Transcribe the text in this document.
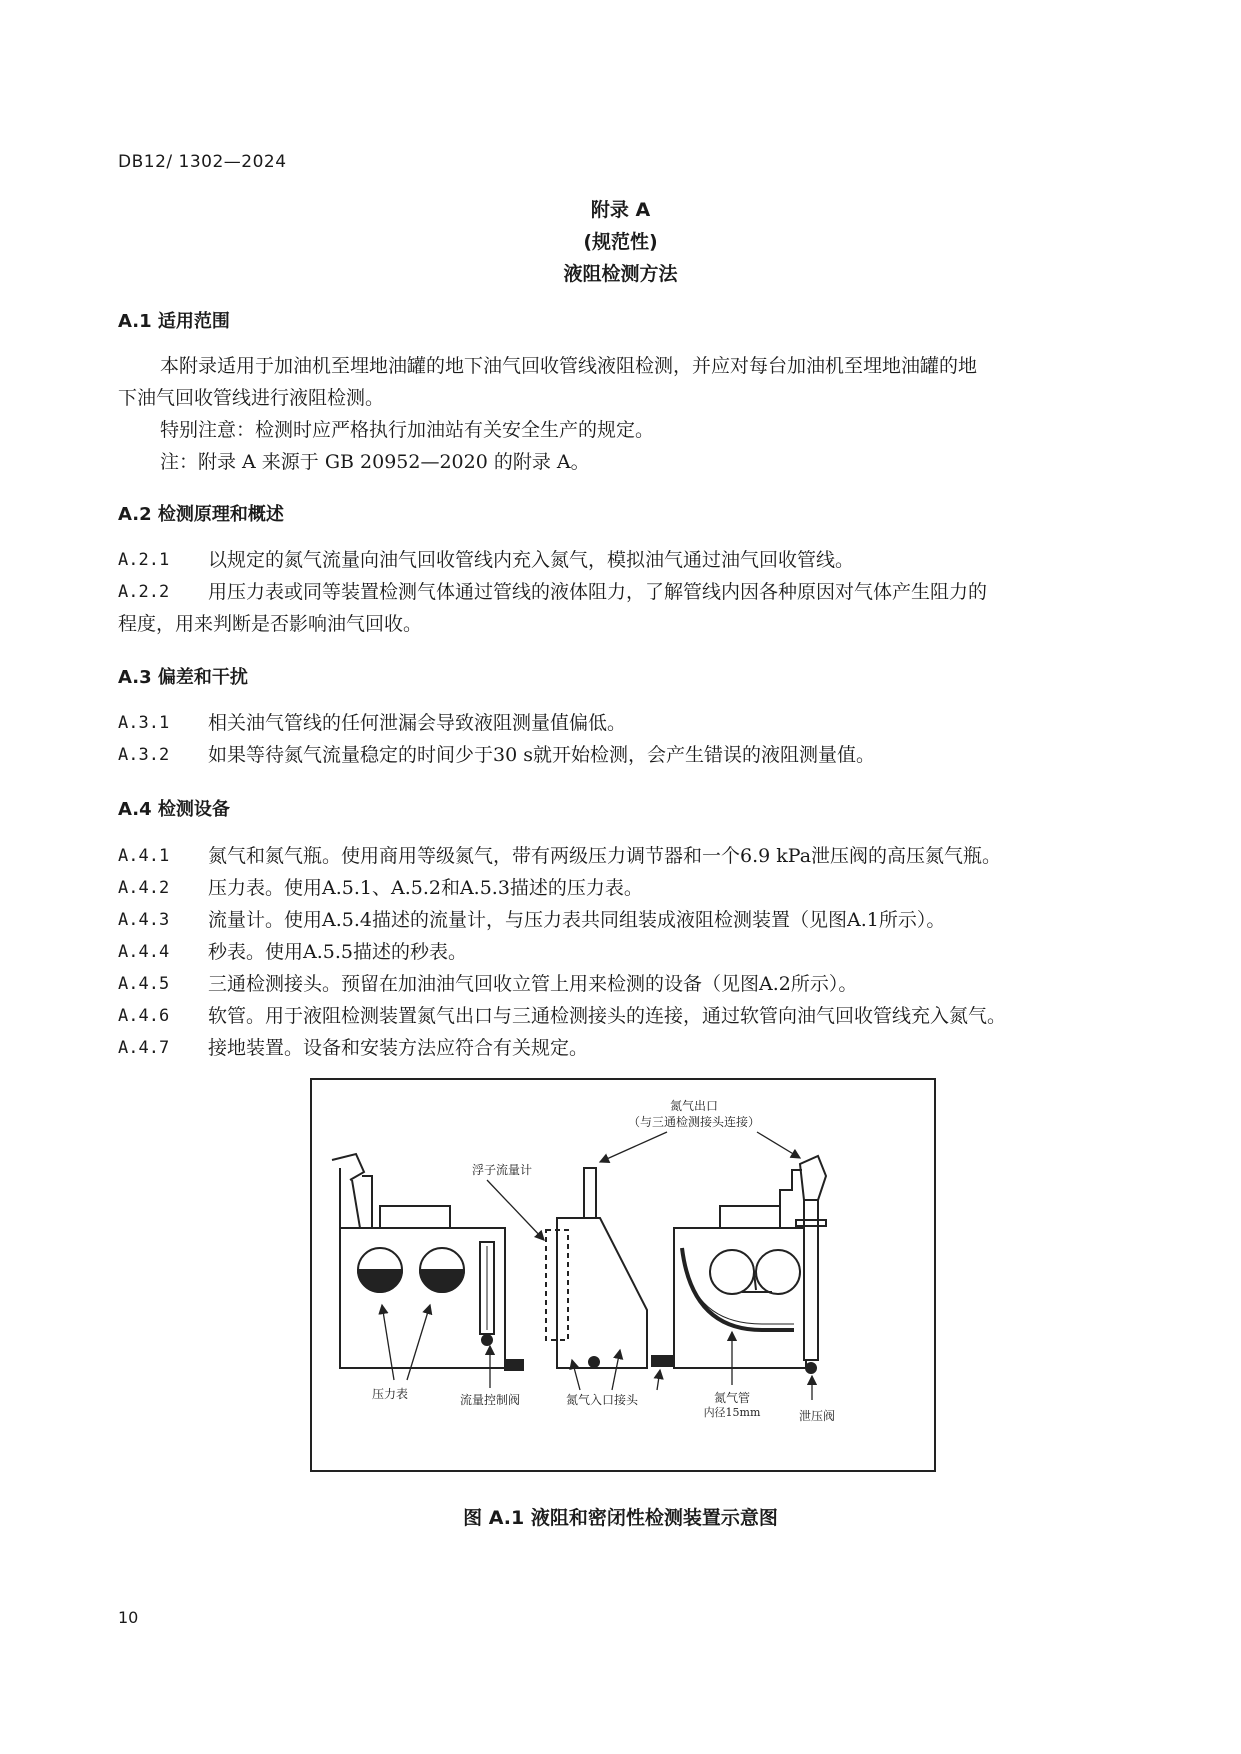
DB12/ 1302—2024
附录 A
(规范性)
液阻检测方法
A.1 适用范围
本附录适用于加油机至埋地油罐的地下油气回收管线液阻检测，并应对每台加油机至埋地油罐的地
下油气回收管线进行液阻检测。
特别注意：检测时应严格执行加油站有关安全生产的规定。
注：附录 A 来源于 GB 20952—2020 的附录 A。
A.2 检测原理和概述
A.2.1	以规定的氮气流量向油气回收管线内充入氮气，模拟油气通过油气回收管线。
A.2.2	用压力表或同等装置检测气体通过管线的液体阻力，了解管线内因各种原因对气体产生阻力的
程度，用来判断是否影响油气回收。
A.3 偏差和干扰
A.3.1	相关油气管线的任何泄漏会导致液阻测量值偏低。
A.3.2	如果等待氮气流量稳定的时间少于30 s就开始检测，会产生错误的液阻测量值。
A.4 检测设备
A.4.1	氮气和氮气瓶。使用商用等级氮气，带有两级压力调节器和一个6.9 kPa泄压阀的高压氮气瓶。
A.4.2	压力表。使用A.5.1、A.5.2和A.5.3描述的压力表。
A.4.3	流量计。使用A.5.4描述的流量计，与压力表共同组装成液阻检测装置（见图A.1所示）。
A.4.4	秒表。使用A.5.5描述的秒表。
A.4.5	三通检测接头。预留在加油油气回收立管上用来检测的设备（见图A.2所示）。
A.4.6	软管。用于液阻检测装置氮气出口与三通检测接头的连接，通过软管向油气回收管线充入氮气。
A.4.7	接地装置。设备和安装方法应符合有关规定。
氮气出口
（与三通检测接头连接）
浮子流量计
压力表	流量控制阀	氮气入口接头	氮气管
内径15mm	泄压阀
图 A.1 液阻和密闭性检测装置示意图
10
